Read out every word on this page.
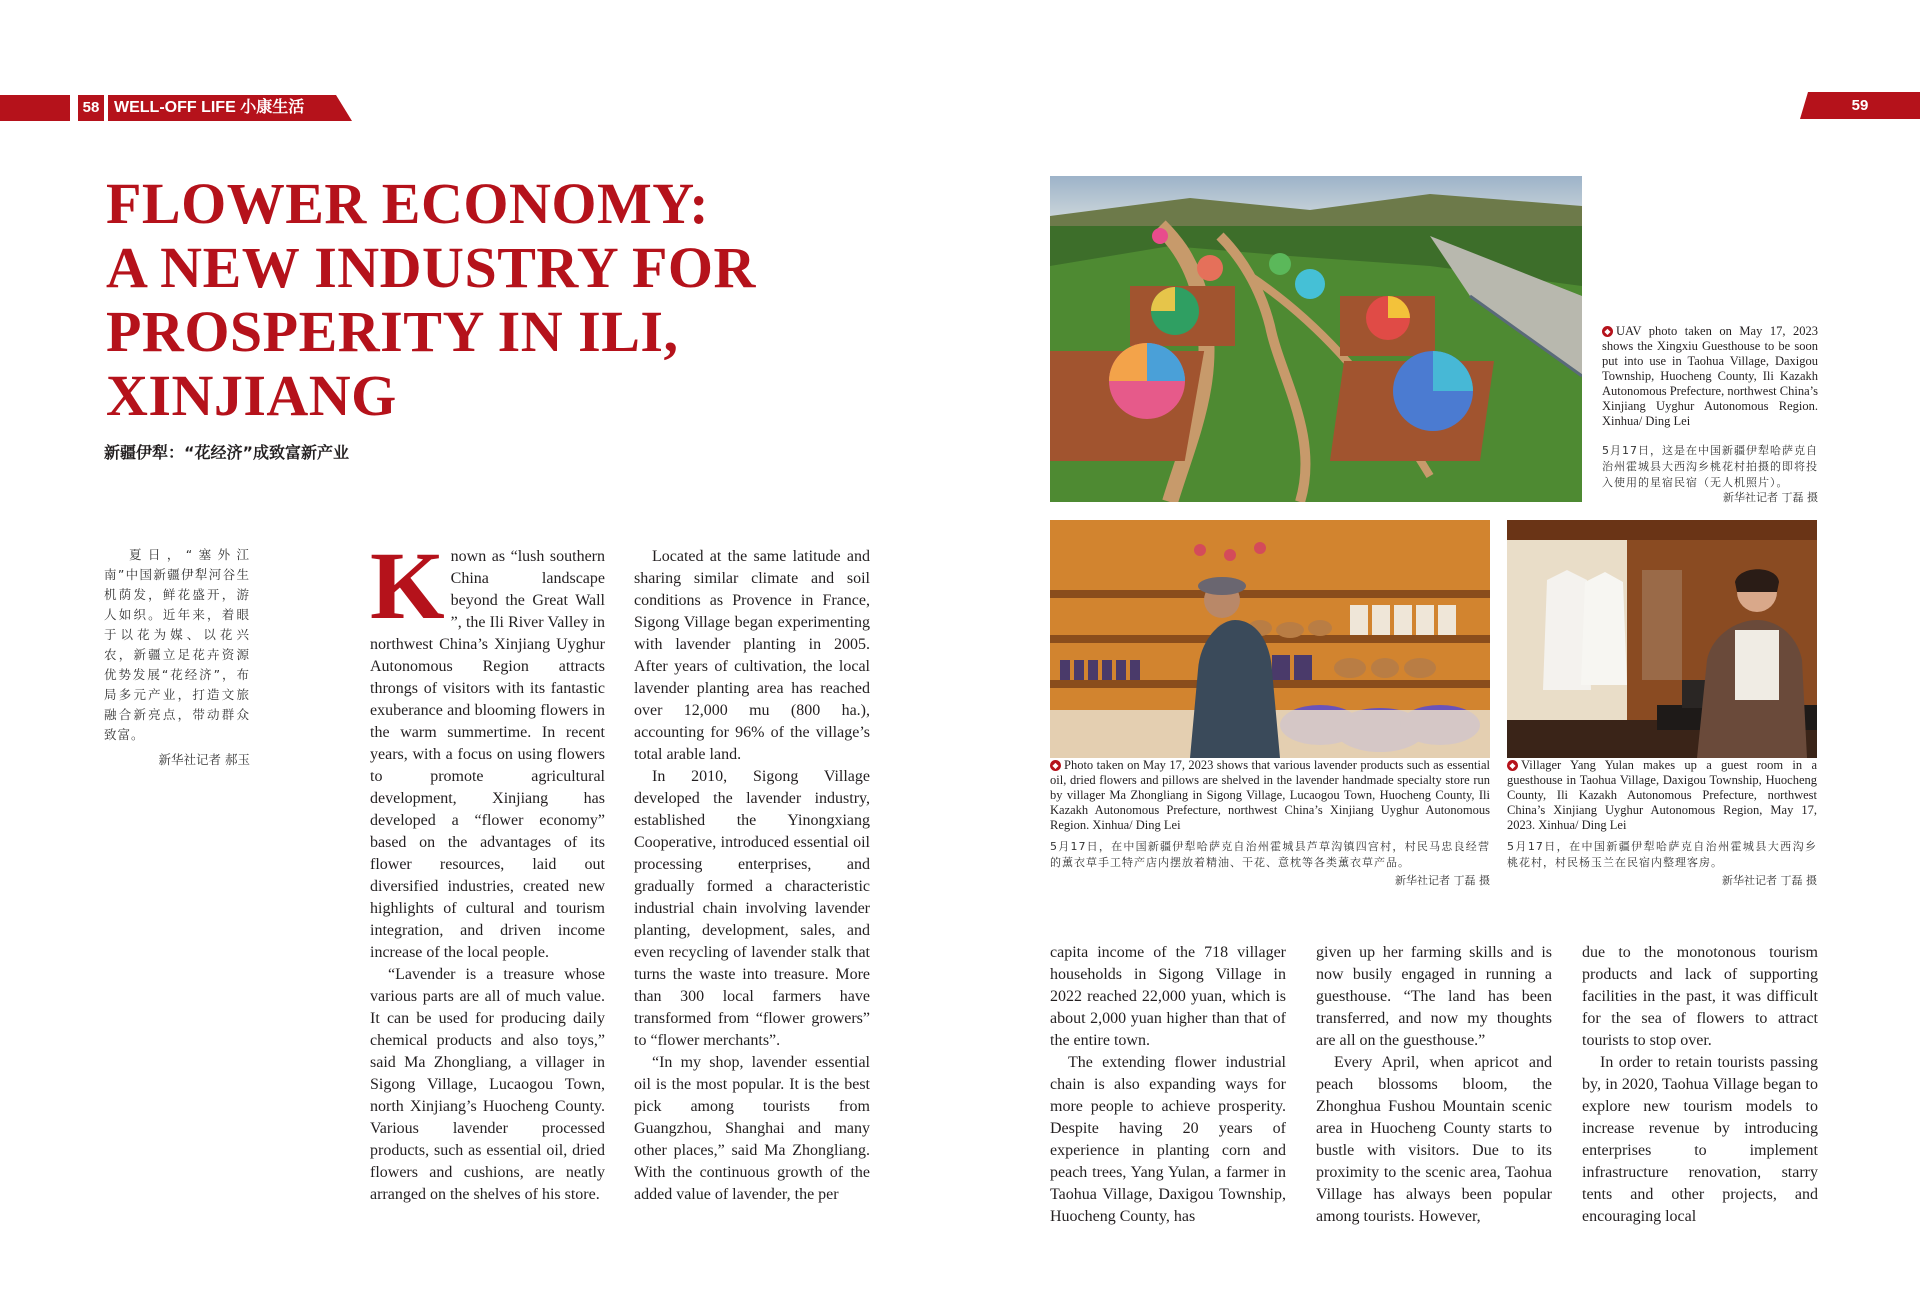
58 WELL-OFF LIFE 小康生活	59
FLOWER ECONOMY:
A NEW INDUSTRY FOR
PROSPERITY IN ILI,
XINJIANG
新疆伊犁：“花经济”成致富新产业
夏日，“塞外江南”中国新疆伊犁河谷生机荫发，鲜花盛开，游人如织。近年来，着眼于以花为媒、以花兴农，新疆立足花卉资源优势发展“花经济”，布局多元产业，打造文旅融合新亮点，带动群众致富。
新华社记者 郝玉

Known as “lush southern China landscape beyond the Great Wall ”, the Ili River Valley in northwest China’s Xinjiang Uyghur Autonomous Region attracts throngs of visitors with its fantastic exuberance and blooming flowers in the warm summertime. In recent years, with a focus on using flowers to promote agricultural development, Xinjiang has developed a “flower economy” based on the advantages of its flower resources, laid out diversified industries, created new highlights of cultural and tourism integration, and driven income increase of the local people.

“Lavender is a treasure whose various parts are all of much value. It can be used for producing daily chemical products and also toys,” said Ma Zhongliang, a villager in Sigong Village, Lucaogou Town, north Xinjiang’s Huocheng County. Various lavender processed products, such as essential oil, dried flowers and cushions, are neatly arranged on the shelves of his store.

Located at the same latitude and sharing similar climate and soil conditions as Provence in France, Sigong Village began experimenting with lavender planting in 2005. After years of cultivation, the local lavender planting area has reached over 12,000 mu (800 ha.), accounting for 96% of the village’s total arable land.

In 2010, Sigong Village developed the lavender industry, established the Yinongxiang Cooperative, introduced essential oil processing enterprises, and gradually formed a characteristic industrial chain involving lavender planting, development, sales, and even recycling of lavender stalk that turns the waste into treasure. More than 300 local farmers have transformed from “flower growers” to “flower merchants”.

“In my shop, lavender essential oil is the most popular. It is the best pick among tourists from Guangzhou, Shanghai and many other places,” said Ma Zhongliang. With the continuous growth of the added value of lavender, the per

◆ UAV photo taken on May 17, 2023 shows the Xingxiu Guesthouse to be soon put into use in Taohua Village, Daxigou Township, Huocheng County, Ili Kazakh Autonomous Prefecture, northwest China’s Xinjiang Uyghur Autonomous Region. Xinhua/ Ding Lei
5月17日，这是在中国新疆伊犁哈萨克自治州霍城县大西沟乡桃花村拍摄的即将投入使用的星宿民宿（无人机照片）。
新华社记者 丁磊 摄
◆ Photo taken on May 17, 2023 shows that various lavender products such as essential oil, dried flowers and pillows are shelved in the lavender handmade specialty store run by villager Ma Zhongliang in Sigong Village, Lucaogou Town, Huocheng County, Ili Kazakh Autonomous Prefecture, northwest China’s Xinjiang Uyghur Autonomous Region. Xinhua/ Ding Lei
5月17日，在中国新疆伊犁哈萨克自治州霍城县芦草沟镇四宫村，村民马忠良经营的薰衣草手工特产店内摆放着精油、干花、意枕等各类薰衣草产品。
新华社记者 丁磊 摄
◆ Villager Yang Yulan makes up a guest room in a guesthouse in Taohua Village, Daxigou Township, Huocheng County, Ili Kazakh Autonomous Prefecture, northwest China’s Xinjiang Uyghur Autonomous Region, May 17, 2023. Xinhua/ Ding Lei
5月17日，在中国新疆伊犁哈萨克自治州霍城县大西沟乡桃花村，村民杨玉兰在民宿内整理客房。
新华社记者 丁磊 摄

capita income of the 718 villager households in Sigong Village in 2022 reached 22,000 yuan, which is about 2,000 yuan higher than that of the entire town.

The extending flower industrial chain is also expanding ways for more people to achieve prosperity. Despite having 20 years of experience in planting corn and peach trees, Yang Yulan, a farmer in Taohua Village, Daxigou Township, Huocheng County, has

given up her farming skills and is now busily engaged in running a guesthouse. “The land has been transferred, and now my thoughts are all on the guesthouse.”

Every April, when apricot and peach blossoms bloom, the Zhonghua Fushou Mountain scenic area in Huocheng County starts to bustle with visitors. Due to its proximity to the scenic area, Taohua Village has always been popular among tourists. However,

due to the monotonous tourism products and lack of supporting facilities in the past, it was difficult for the sea of flowers to attract tourists to stop over.

In order to retain tourists passing by, in 2020, Taohua Village began to explore new tourism models to increase revenue by introducing enterprises to implement infrastructure renovation, starry tents and other projects, and encouraging local
